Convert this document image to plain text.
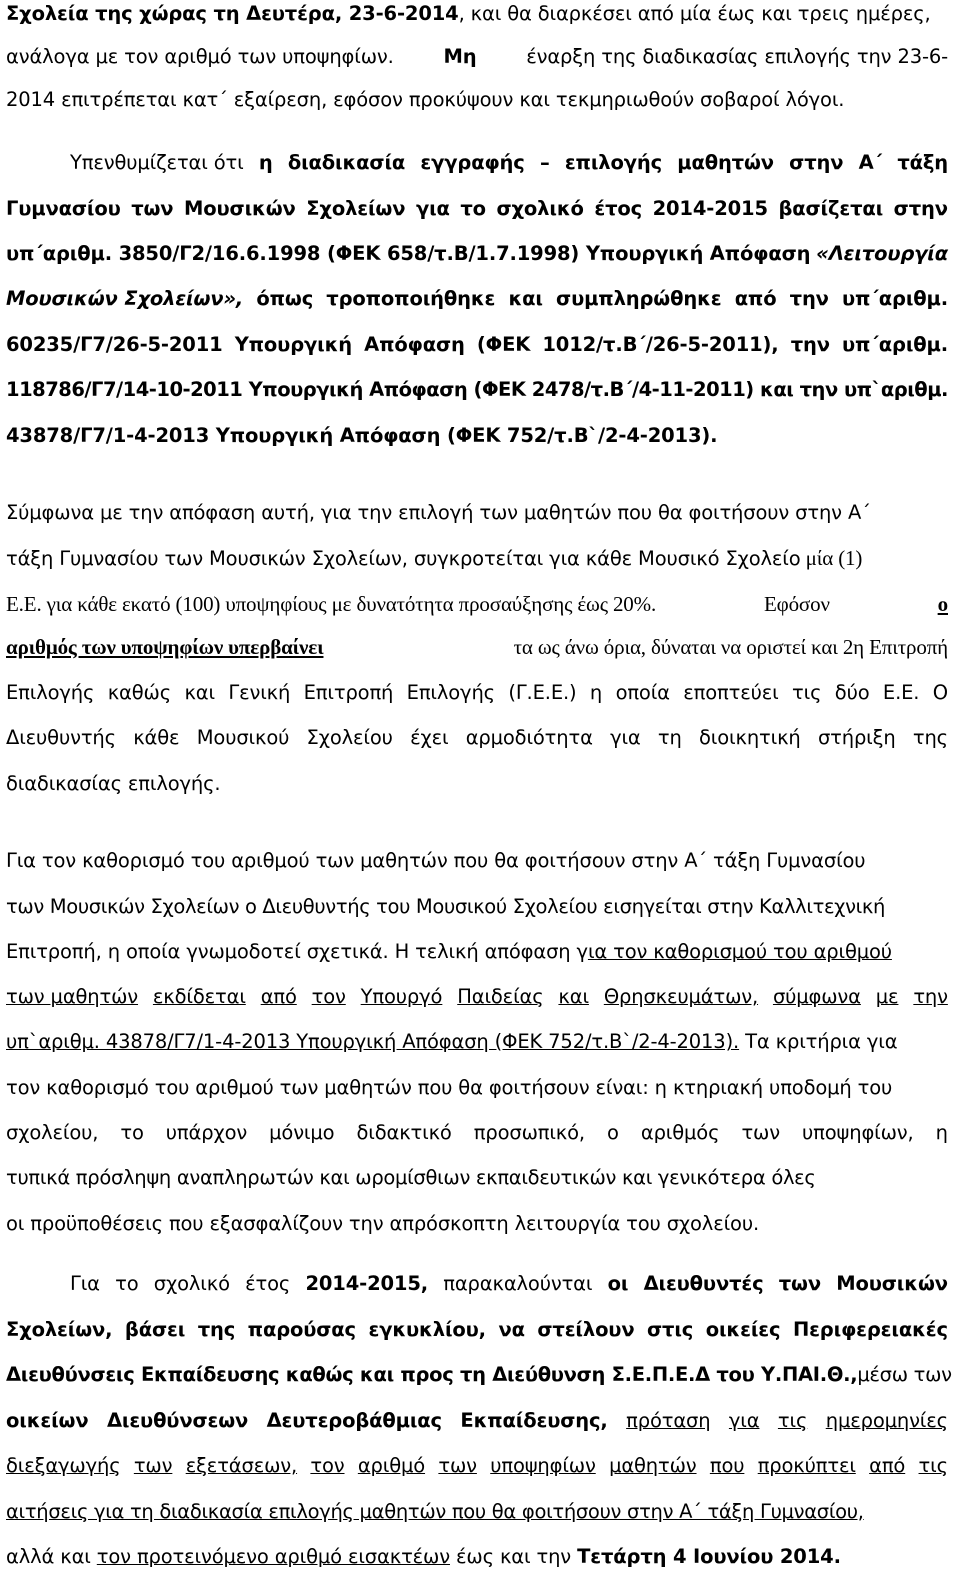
Σχολεία της χώρας τη Δευτέρα, 23-6-2014, και θα διαρκέσει από μία έως και τρεις ημέρες,
ανάλογα με τον αριθμό των υποψηφίων.	Μη	έναρξη της διαδικασίας επιλογής την 23-6-
2014 επιτρέπεται κατ΄ εξαίρεση, εφόσον προκύψουν και τεκμηριωθούν σοβαροί λόγοι.
Υπενθυμίζεται ότι η διαδικασία εγγραφής – επιλογής μαθητών στην Α΄ τάξη
Γυμνασίου των Μουσικών Σχολείων για το σχολικό έτος 2014-2015 βασίζεται στην
υπ΄αριθμ. 3850/Γ2/16.6.1998 (ΦΕΚ 658/τ.Β/1.7.1998) Υπουργική Απόφαση «Λειτουργία
Μουσικών Σχολείων», όπως τροποποιήθηκε και συμπληρώθηκε από την υπ΄αριθμ.
60235/Γ7/26-5-2011 Υπουργική Απόφαση (ΦΕΚ 1012/τ.Β΄/26-5-2011), την υπ΄αριθμ.
118786/Γ7/14-10-2011 Υπουργική Απόφαση (ΦΕΚ 2478/τ.Β΄/4-11-2011) και την υπ`αριθμ.
43878/Γ7/1-4-2013 Υπουργική Απόφαση (ΦΕΚ 752/τ.Β`/2-4-2013).
Σύμφωνα με την απόφαση αυτή, για την επιλογή των μαθητών που θα φοιτήσουν στην Α΄
τάξη Γυμνασίου των Μουσικών Σχολείων, συγκροτείται για κάθε Μουσικό Σχολείο μία (1)
Ε.Ε. για κάθε εκατό (100) υποψηφίους με δυνατότητα προσαύξησης έως 20%.	Εφόσον	ο
αριθμός των υποψηφίων υπερβαίνει	τα ως άνω όρια, δύναται να οριστεί και 2η Επιτροπή
Επιλογής καθώς και Γενική Επιτροπή Επιλογής (Γ.Ε.Ε.) η οποία εποπτεύει τις δύο Ε.Ε. Ο
Διευθυντής κάθε Μουσικού Σχολείου έχει αρμοδιότητα για τη διοικητική στήριξη της
διαδικασίας επιλογής.
Για τον καθορισμό του αριθμού των μαθητών που θα φοιτήσουν στην Α΄ τάξη Γυμνασίου
των Μουσικών Σχολείων ο Διευθυντής του Μουσικού Σχολείου εισηγείται στην Καλλιτεχνική
Επιτροπή, η οποία γνωμοδοτεί σχετικά. Η τελική απόφαση για τον καθορισμού του αριθμού
των μαθητών εκδίδεται από τον Υπουργό Παιδείας και Θρησκευμάτων, σύμφωνα με την
υπ`αριθμ. 43878/Γ7/1-4-2013 Υπουργική Απόφαση (ΦΕΚ 752/τ.Β`/2-4-2013). Τα κριτήρια για
τον καθορισμό του αριθμού των μαθητών που θα φοιτήσουν είναι: η κτηριακή υποδομή του
σχολείου, το υπάρχον μόνιμο διδακτικό προσωπικό, ο αριθμός των υποψηφίων, η
τυπικά πρόσληψη αναπληρωτών και ωρομίσθιων εκπαιδευτικών και γενικότερα όλες
οι προϋποθέσεις που εξασφαλίζουν την απρόσκοπτη λειτουργία του σχολείου.
Για το σχολικό έτος 2014-2015, παρακαλούνται οι Διευθυντές των Μουσικών
Σχολείων, βάσει της παρούσας εγκυκλίου, να στείλουν στις οικείες Περιφερειακές
Διευθύνσεις Εκπαίδευσης καθώς και προς τη Διεύθυνση Σ.Ε.Π.Ε.Δ του Υ.ΠΑΙ.Θ., μέσω των
οικείων Διευθύνσεων Δευτεροβάθμιας Εκπαίδευσης, πρόταση για τις ημερομηνίες
διεξαγωγής των εξετάσεων, τον αριθμό των υποψηφίων μαθητών που προκύπτει από τις
αιτήσεις για τη διαδικασία επιλογής μαθητών που θα φοιτήσουν στην Α΄ τάξη Γυμνασίου,
αλλά και τον προτεινόμενο αριθμό εισακτέων έως και την Τετάρτη 4 Ιουνίου 2014.
